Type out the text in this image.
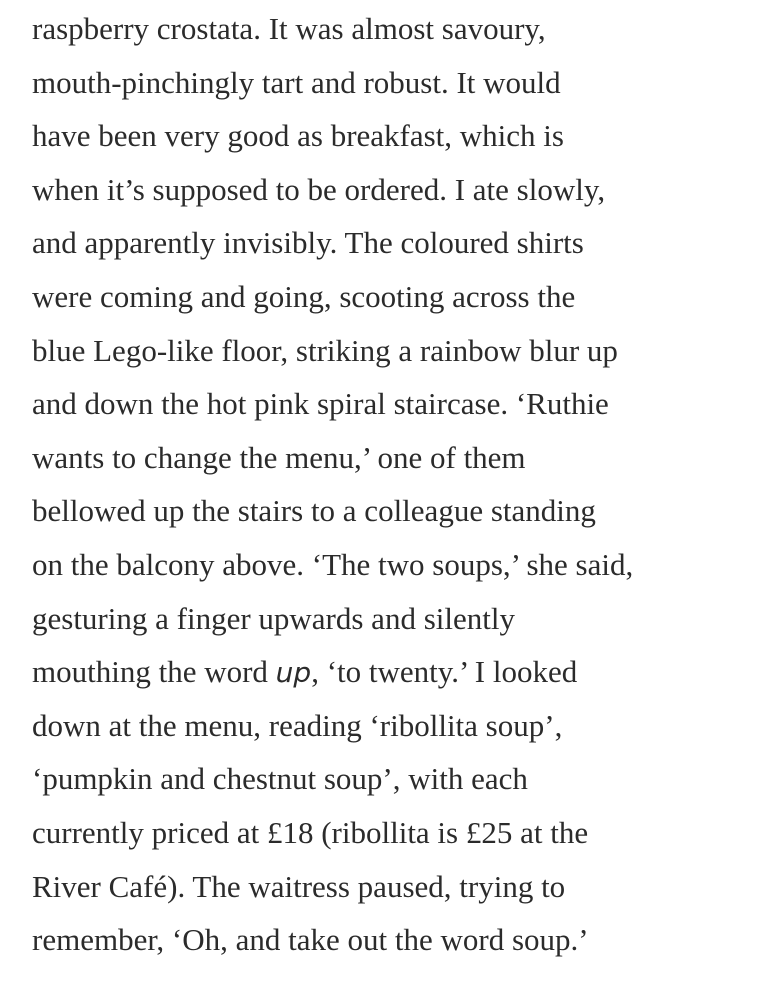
raspberry crostata. It was almost savoury,
mouth-pinchingly tart and robust. It would
have been very good as breakfast, which is
when it’s supposed to be ordered. I ate slowly,
and apparently invisibly. The coloured shirts
were coming and going, scooting across the
blue Lego-like floor, striking a rainbow blur up
and down the hot pink spiral staircase. ‘Ruthie
wants to change the menu,’ one of them
bellowed up the stairs to a colleague standing
on the balcony above. ‘The two soups,’ she said,
gesturing a finger upwards and silently
mouthing the word up, ‘to twenty.’ I looked
down at the menu, reading ‘ribollita soup’,
‘pumpkin and chestnut soup’, with each
currently priced at £18 (ribollita is £25 at the
River Café). The waitress paused, trying to
remember, ‘Oh, and take out the word soup.’
